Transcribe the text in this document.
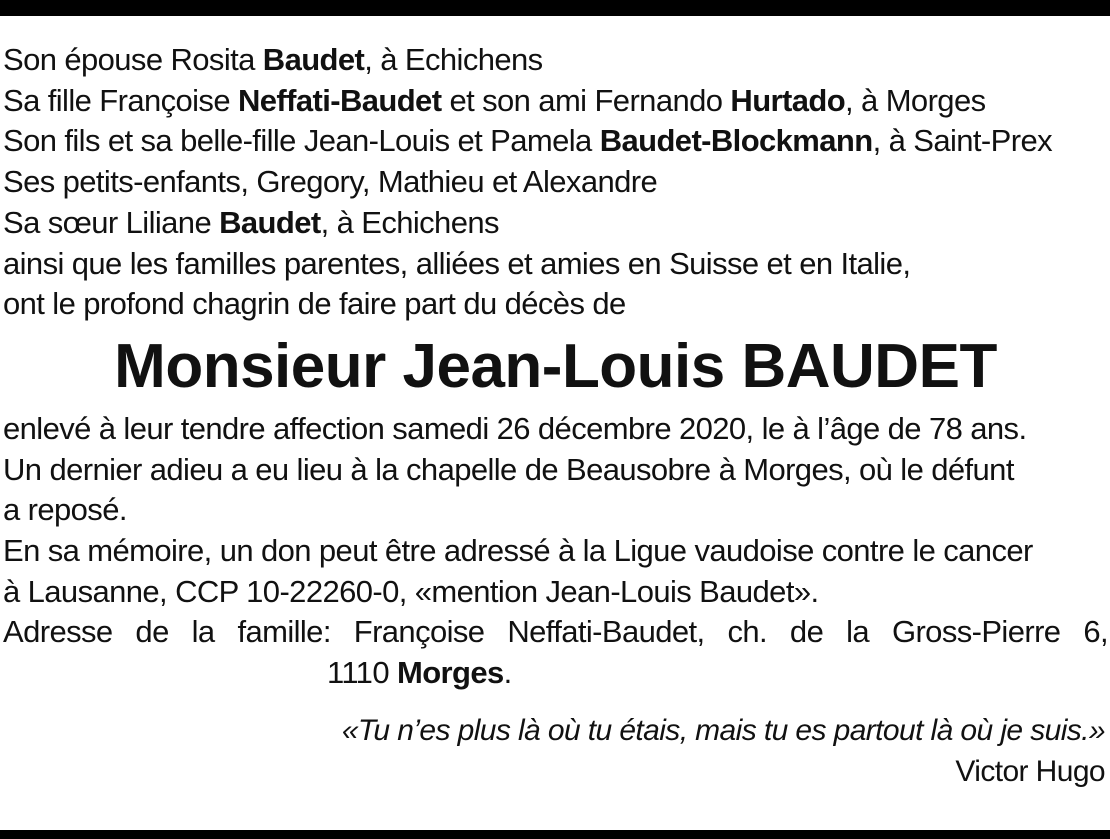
Son épouse Rosita Baudet, à Echichens
Sa fille Françoise Neffati-Baudet et son ami Fernando Hurtado, à Morges
Son fils et sa belle-fille Jean-Louis et Pamela Baudet-Blockmann, à Saint-Prex
Ses petits-enfants, Gregory, Mathieu et Alexandre
Sa sœur Liliane Baudet, à Echichens
ainsi que les familles parentes, alliées et amies en Suisse et en Italie,
ont le profond chagrin de faire part du décès de
Monsieur Jean-Louis BAUDET
enlevé à leur tendre affection samedi 26 décembre 2020, le à l’âge de 78 ans.
Un dernier adieu a eu lieu à la chapelle de Beausobre à Morges, où le défunt
a reposé.
En sa mémoire, un don peut être adressé à la Ligue vaudoise contre le cancer
à Lausanne, CCP 10-22260-0, «mention Jean-Louis Baudet».
Adresse de la famille: Françoise Neffati-Baudet, ch. de la Gross-Pierre 6,
1110 Morges.
«Tu n’es plus là où tu étais, mais tu es partout là où je suis.»
Victor Hugo
